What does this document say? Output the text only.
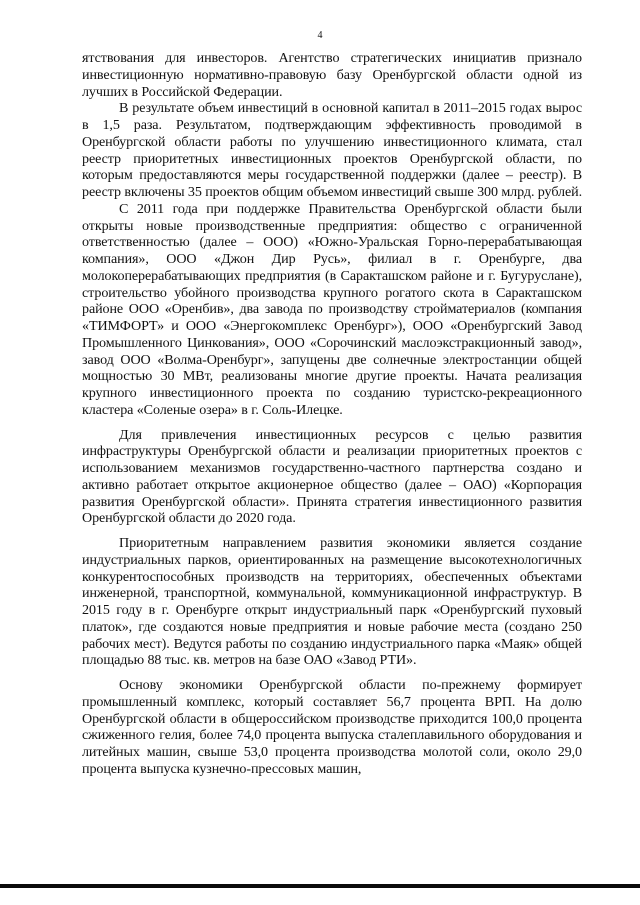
4

ятствования для инвесторов. Агентство стратегических инициатив признало инвестиционную нормативно-правовую базу Оренбургской области одной из лучших в Российской Федерации.

В результате объем инвестиций в основной капитал в 2011–2015 годах вырос в 1,5 раза. Результатом, подтверждающим эффективность проводимой в Оренбургской области работы по улучшению инвестиционного климата, стал реестр приоритетных инвестиционных проектов Оренбургской области, по которым предоставляются меры государственной поддержки (далее – реестр). В реестр включены 35 проектов общим объемом инвестиций свыше 300 млрд. рублей.

С 2011 года при поддержке Правительства Оренбургской области были открыты новые производственные предприятия: общество с ограниченной ответственностью (далее – ООО) «Южно-Уральская Горно-перерабатывающая компания», ООО «Джон Дир Русь», филиал в г. Оренбурге, два молокоперерабатывающих предприятия (в Саракташском районе и г. Бугуруслане), строительство убойного производства крупного рогатого скота в Саракташском районе ООО «Оренбив», два завода по производству стройматериалов (компания «ТИМФОРТ» и ООО «Энергокомплекс Оренбург»), ООО «Оренбургский Завод Промышленного Цинкования», ООО «Сорочинский маслоэкстракционный завод», завод ООО «Волма-Оренбург», запущены две солнечные электростанции общей мощностью 30 МВт, реализованы многие другие проекты. Начата реализация крупного инвестиционного проекта по созданию туристско-рекреационного кластера «Соленые озера» в г. Соль-Илецке.

Для привлечения инвестиционных ресурсов с целью развития инфраструктуры Оренбургской области и реализации приоритетных проектов с использованием механизмов государственно-частного партнерства создано и активно работает открытое акционерное общество (далее – ОАО) «Корпорация развития Оренбургской области». Принята стратегия инвестиционного развития Оренбургской области до 2020 года.

Приоритетным направлением развития экономики является создание индустриальных парков, ориентированных на размещение высокотехнологичных конкурентоспособных производств на территориях, обеспеченных объектами инженерной, транспортной, коммунальной, коммуникационной инфраструктур. В 2015 году в г. Оренбурге открыт индустриальный парк «Оренбургский пуховый платок», где создаются новые предприятия и новые рабочие места (создано 250 рабочих мест). Ведутся работы по созданию индустриального парка «Маяк» общей площадью 88 тыс. кв. метров на базе ОАО «Завод РТИ».

Основу экономики Оренбургской области по-прежнему формирует промышленный комплекс, который составляет 56,7 процента ВРП. На долю Оренбургской области в общероссийском производстве приходится 100,0 процента сжиженного гелия, более 74,0 процента выпуска сталеплавильного оборудования и литейных машин, свыше 53,0 процента производства молотой соли, около 29,0 процента выпуска кузнечно-прессовых машин,
